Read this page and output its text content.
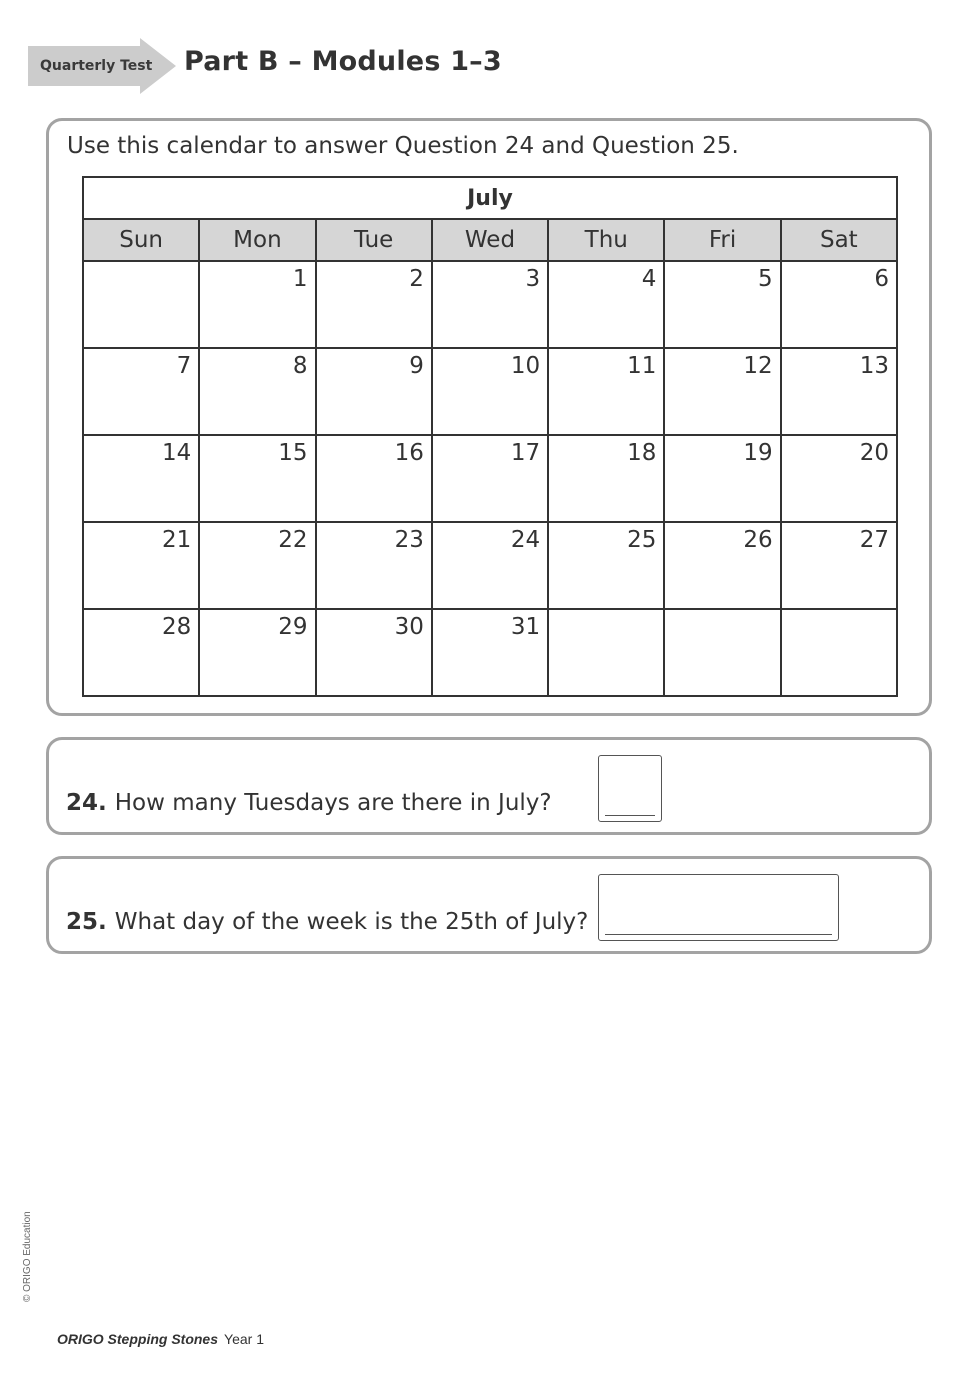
Quarterly Test	Part B – Modules 1–3
Use this calendar to answer Question 24 and Question 25.
July						
Sun	Mon	Tue	Wed	Thu	Fri	Sat
	1	2	3	4	5	6
7	8	9	10	11	12	13
14	15	16	17	18	19	20
21	22	23	24	25	26	27
28	29	30	31			
24. How many Tuesdays are there in July?
25. What day of the week is the 25th of July?
© ORIGO Education
ORIGO Stepping Stones Year 1
